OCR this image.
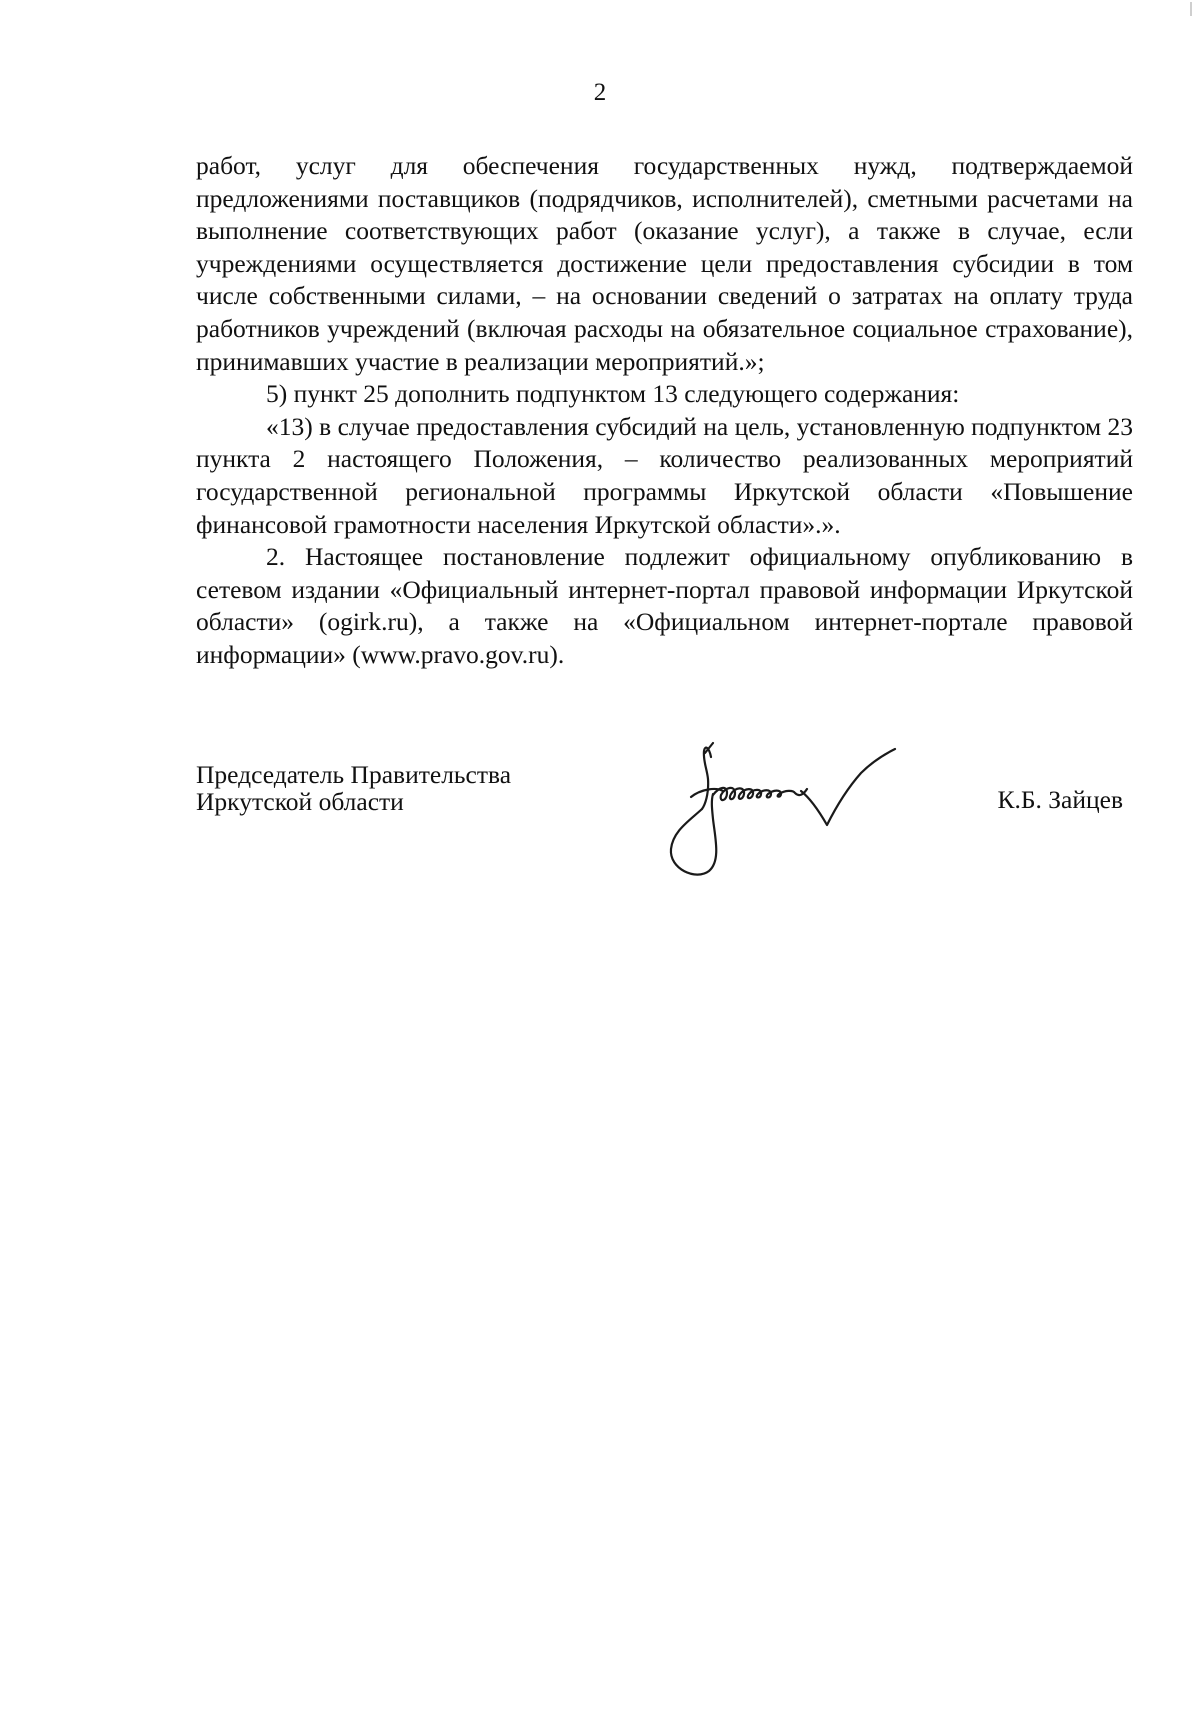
2

работ, услуг для обеспечения государственных нужд, подтверждаемой предложениями поставщиков (подрядчиков, исполнителей), сметными расчетами на выполнение соответствующих работ (оказание услуг), а также в случае, если учреждениями осуществляется достижение цели предоставления субсидии в том числе собственными силами, – на основании сведений о затратах на оплату труда работников учреждений (включая расходы на обязательное социальное страхование), принимавших участие в реализации мероприятий.»;

5) пункт 25 дополнить подпунктом 13 следующего содержания:

«13) в случае предоставления субсидий на цель, установленную подпунктом 23 пункта 2 настоящего Положения, – количество реализованных мероприятий государственной региональной программы Иркутской области «Повышение финансовой грамотности населения Иркутской области».».

2. Настоящее постановление подлежит официальному опубликованию в сетевом издании «Официальный интернет-портал правовой информации Иркутской области» (ogirk.ru), а также на «Официальном интернет-портале правовой информации» (www.pravo.gov.ru).

Председатель Правительства
Иркутской области	К.Б. Зайцев
